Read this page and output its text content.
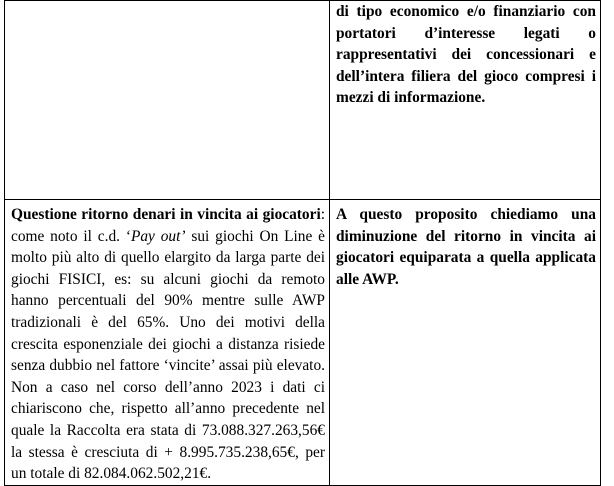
	di tipo economico e/o finanziario con portatori d’interesse legati o rappresentativi dei concessionari e dell’intera filiera del gioco compresi i mezzi di informazione.
Questione ritorno denari in vincita ai giocatori: come noto il c.d. ‘Pay out’ sui giochi On Line è molto più alto di quello elargito da larga parte dei giochi FISICI, es: su alcuni giochi da remoto hanno percentuali del 90% mentre sulle AWP tradizionali è del 65%. Uno dei motivi della crescita esponenziale dei giochi a distanza risiede senza dubbio nel fattore ‘vincite’ assai più elevato. Non a caso nel corso dell’anno 2023 i dati ci chiariscono che, rispetto all’anno precedente nel quale la Raccolta era stata di 73.088.327.263,56€ la stessa è cresciuta di + 8.995.735.238,65€, per un totale di 82.084.062.502,21€.	A questo proposito chiediamo una diminuzione del ritorno in vincita ai giocatori equiparata a quella applicata alle AWP.
